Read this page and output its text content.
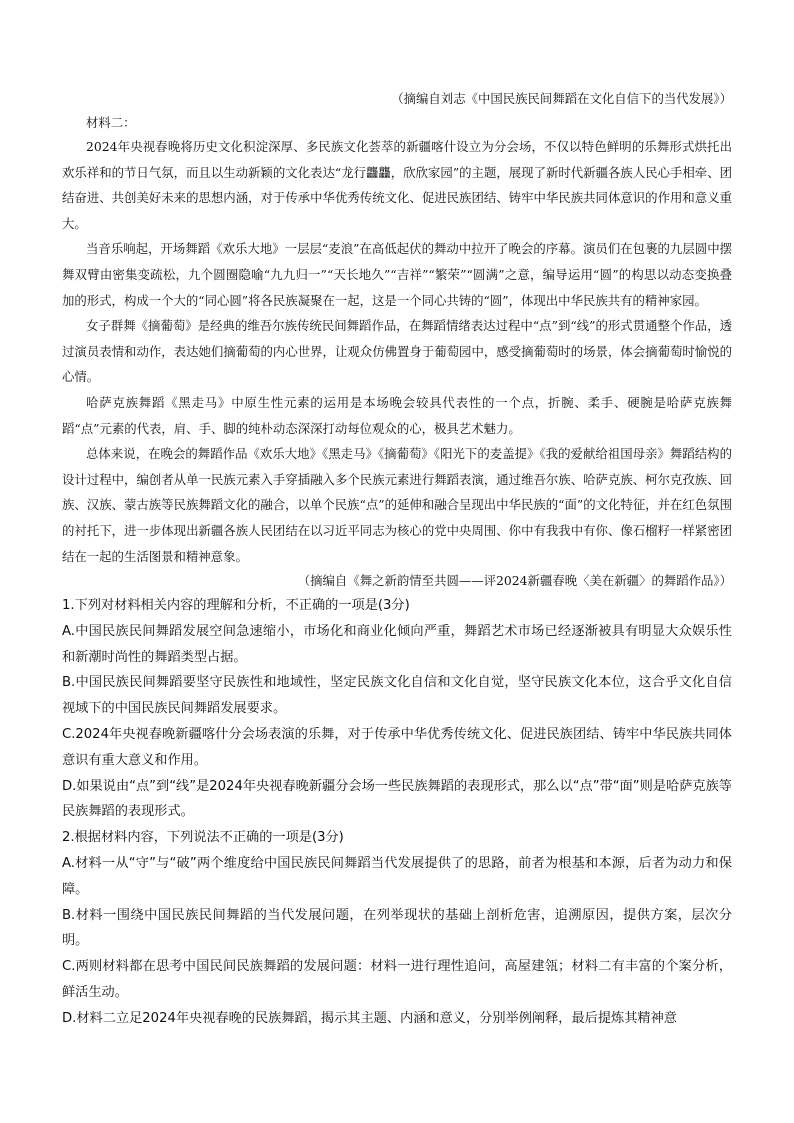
（摘编自刘志《中国民族民间舞蹈在文化自信下的当代发展》）
材料二：

2024年央视春晚将历史文化积淀深厚、多民族文化荟萃的新疆喀什设立为分会场，不仅以特色鲜明的乐舞形式烘托出欢乐祥和的节日气氛，而且以生动新颖的文化表达“龙行龘龘，欣欣家园”的主题，展现了新时代新疆各族人民心手相牵、团结奋进、共创美好未来的思想内涵，对于传承中华优秀传统文化、促进民族团结、铸牢中华民族共同体意识的作用和意义重大。

当音乐响起，开场舞蹈《欢乐大地》一层层“麦浪”在高低起伏的舞动中拉开了晚会的序幕。演员们在包裹的九层圆中摆舞双臂由密集变疏松，九个圆圈隐喻“九九归一”“天长地久”“吉祥”“繁荣”“圆满”之意，编导运用“圆”的构思以动态变换叠加的形式，构成一个大的“同心圆”将各民族凝聚在一起，这是一个同心共铸的“圆”，体现出中华民族共有的精神家园。

女子群舞《摘葡萄》是经典的维吾尔族传统民间舞蹈作品，在舞蹈情绪表达过程中“点”到“线”的形式贯通整个作品，透过演员表情和动作，表达她们摘葡萄的内心世界，让观众仿佛置身于葡萄园中，感受摘葡萄时的场景，体会摘葡萄时愉悦的心情。

哈萨克族舞蹈《黑走马》中原生性元素的运用是本场晚会较具代表性的一个点，折腕、柔手、硬腕是哈萨克族舞蹈“点”元素的代表，肩、手、脚的纯朴动态深深打动每位观众的心，极具艺术魅力。

总体来说，在晚会的舞蹈作品《欢乐大地》《黑走马》《摘葡萄》《阳光下的麦盖提》《我的爱献给祖国母亲》舞蹈结构的设计过程中，编创者从单一民族元素入手穿插融入多个民族元素进行舞蹈表演，通过维吾尔族、哈萨克族、柯尔克孜族、回族、汉族、蒙古族等民族舞蹈文化的融合，以单个民族“点”的延伸和融合呈现出中华民族的“面”的文化特征，并在红色氛围的衬托下，进一步体现出新疆各族人民团结在以习近平同志为核心的党中央周围、你中有我我中有你、像石榴籽一样紧密团结在一起的生活图景和精神意象。

（摘编自《舞之新韵情至共圆——评2024新疆春晚〈美在新疆〉的舞蹈作品》）

1.下列对材料相关内容的理解和分析，不正确的一项是(3分)

A.中国民族民间舞蹈发展空间急速缩小，市场化和商业化倾向严重，舞蹈艺术市场已经逐渐被具有明显大众娱乐性和新潮时尚性的舞蹈类型占据。

B.中国民族民间舞蹈要坚守民族性和地域性，坚定民族文化自信和文化自觉，坚守民族文化本位，这合乎文化自信视域下的中国民族民间舞蹈发展要求。

C.2024年央视春晚新疆喀什分会场表演的乐舞，对于传承中华优秀传统文化、促进民族团结、铸牢中华民族共同体意识有重大意义和作用。

D.如果说由“点”到“线”是2024年央视春晚新疆分会场一些民族舞蹈的表现形式，那么以“点”带“面”则是哈萨克族等民族舞蹈的表现形式。

2.根据材料内容，下列说法不正确的一项是(3分)

A.材料一从“守”与“破”两个维度给中国民族民间舞蹈当代发展提供了的思路，前者为根基和本源，后者为动力和保障。

B.材料一围绕中国民族民间舞蹈的当代发展问题，在列举现状的基础上剖析危害，追溯原因，提供方案，层次分明。

C.两则材料都在思考中国民间民族舞蹈的发展问题：材料一进行理性追问，高屋建瓴；材料二有丰富的个案分析，鲜活生动。

D.材料二立足2024年央视春晚的民族舞蹈，揭示其主题、内涵和意义，分别举例阐释，最后提炼其精神意
